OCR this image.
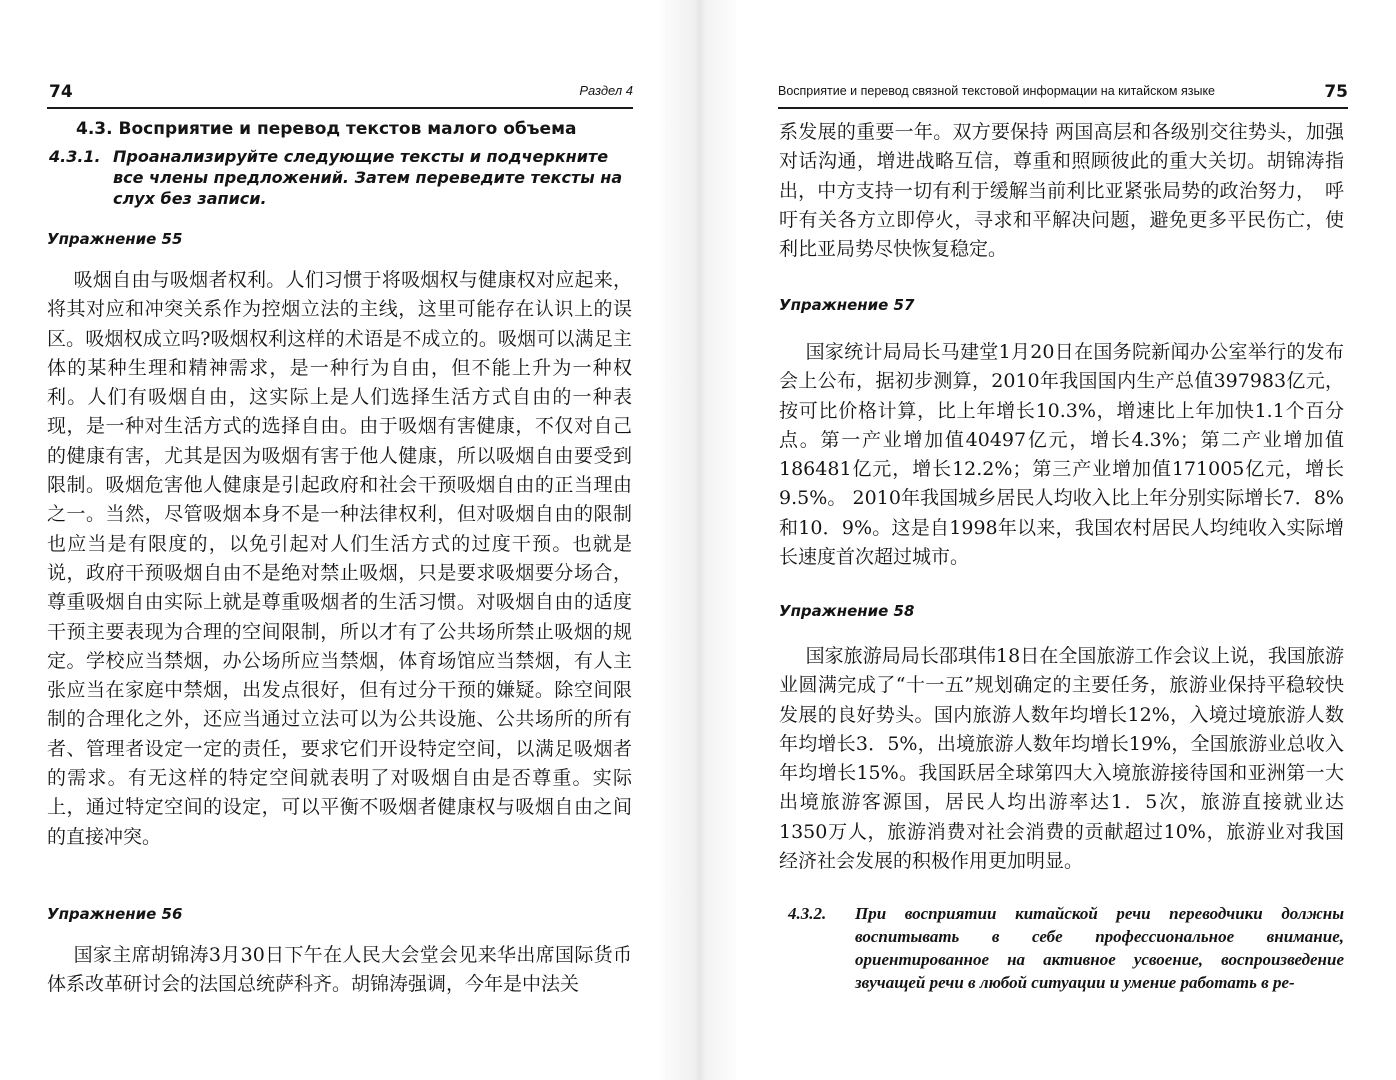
74	Раздел 4
4.3. Восприятие и перевод текстов малого объема
4.3.1. Проанализируйте следующие тексты и подчеркните все члены предложений. Затем переведите тексты на слух без записи.
Упражнение 55

吸烟自由与吸烟者权利。人们习惯于将吸烟权与健康权对应起来，将其对应和冲突关系作为控烟立法的主线，这里可能存在认识上的误区。吸烟权成立吗?吸烟权利这样的术语是不成立的。吸烟可以满足主体的某种生理和精神需求，是一种行为自由，但不能上升为一种权利。人们有吸烟自由，这实际上是人们选择生活方式自由的一种表现，是一种对生活方式的选择自由。由于吸烟有害健康，不仅对自己的健康有害，尤其是因为吸烟有害于他人健康，所以吸烟自由要受到限制。吸烟危害他人健康是引起政府和社会干预吸烟自由的正当理由之一。当然，尽管吸烟本身不是一种法律权利，但对吸烟自由的限制也应当是有限度的，以免引起对人们生活方式的过度干预。也就是说，政府干预吸烟自由不是绝对禁止吸烟，只是要求吸烟要分场合，尊重吸烟自由实际上就是尊重吸烟者的生活习惯。对吸烟自由的适度干预主要表现为合理的空间限制，所以才有了公共场所禁止吸烟的规定。学校应当禁烟，办公场所应当禁烟，体育场馆应当禁烟，有人主张应当在家庭中禁烟，出发点很好，但有过分干预的嫌疑。除空间限制的合理化之外，还应当通过立法可以为公共设施、公共场所的所有者、管理者设定一定的责任，要求它们开设特定空间，以满足吸烟者的需求。有无这样的特定空间就表明了对吸烟自由是否尊重。实际上，通过特定空间的设定，可以平衡不吸烟者健康权与吸烟自由之间的直接冲突。

Упражнение 56

国家主席胡锦涛3月30日下午在人民大会堂会见来华出席国际货币体系改革研讨会的法国总统萨科齐。胡锦涛强调，今年是中法关

Восприятие и перевод связной текстовой информации на китайском языке	75

系发展的重要一年。双方要保持 两国高层和各级别交往势头，加强对话沟通，增进战略互信，尊重和照顾彼此的重大关切。胡锦涛指出，中方支持一切有利于缓解当前利比亚紧张局势的政治努力，　呼吁有关各方立即停火，寻求和平解决问题，避免更多平民伤亡，使利比亚局势尽快恢复稳定。

Упражнение 57

国家统计局局长马建堂1月20日在国务院新闻办公室举行的发布会上公布，据初步测算，2010年我国国内生产总值397983亿元，按可比价格计算，比上年增长10.3%，增速比上年加快1.1个百分点。第一产业增加值40497亿元，增长4.3%；第二产业增加值186481亿元，增长12.2%；第三产业增加值171005亿元，增长9.5%。 2010年我国城乡居民人均收入比上年分别实际增长7．8%和10．9%。这是自1998年以来，我国农村居民人均纯收入实际增长速度首次超过城市。

Упражнение 58

国家旅游局局长邵琪伟18日在全国旅游工作会议上说，我国旅游业圆满完成了“十一五”规划确定的主要任务，旅游业保持平稳较快发展的良好势头。国内旅游人数年均增长12%，入境过境旅游人数年均增长3．5%，出境旅游人数年均增长19%，全国旅游业总收入年均增长15%。我国跃居全球第四大入境旅游接待国和亚洲第一大出境旅游客源国，居民人均出游率达1．5次，旅游直接就业达1350万人，旅游消费对社会消费的贡献超过10%，旅游业对我国经济社会发展的积极作用更加明显。

4.3.2.	При восприятии китайской речи переводчики должны воспитывать в себе профессиональное внимание, ориентированное на активное усвоение, воспроизведение звучащей речи в любой ситуации и умение работать в ре-
